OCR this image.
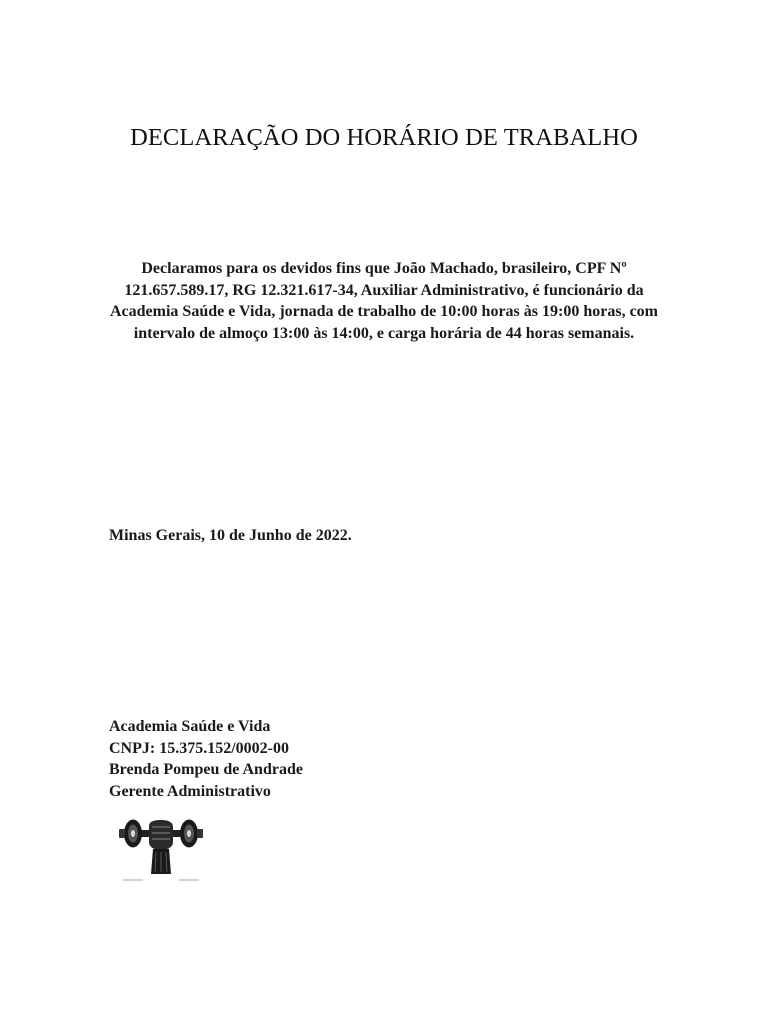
DECLARAÇÃO DO HORÁRIO DE TRABALHO

Declaramos para os devidos fins que João Machado, brasileiro, CPF Nº 121.657.589.17, RG 12.321.617-34, Auxiliar Administrativo, é funcionário da Academia Saúde e Vida, jornada de trabalho de 10:00 horas às 19:00 horas, com intervalo de almoço 13:00 às 14:00, e carga horária de 44 horas semanais.

Minas Gerais, 10 de Junho de 2022.

Academia Saúde e Vida
CNPJ: 15.375.152/0002-00
Brenda Pompeu de Andrade
Gerente Administrativo
